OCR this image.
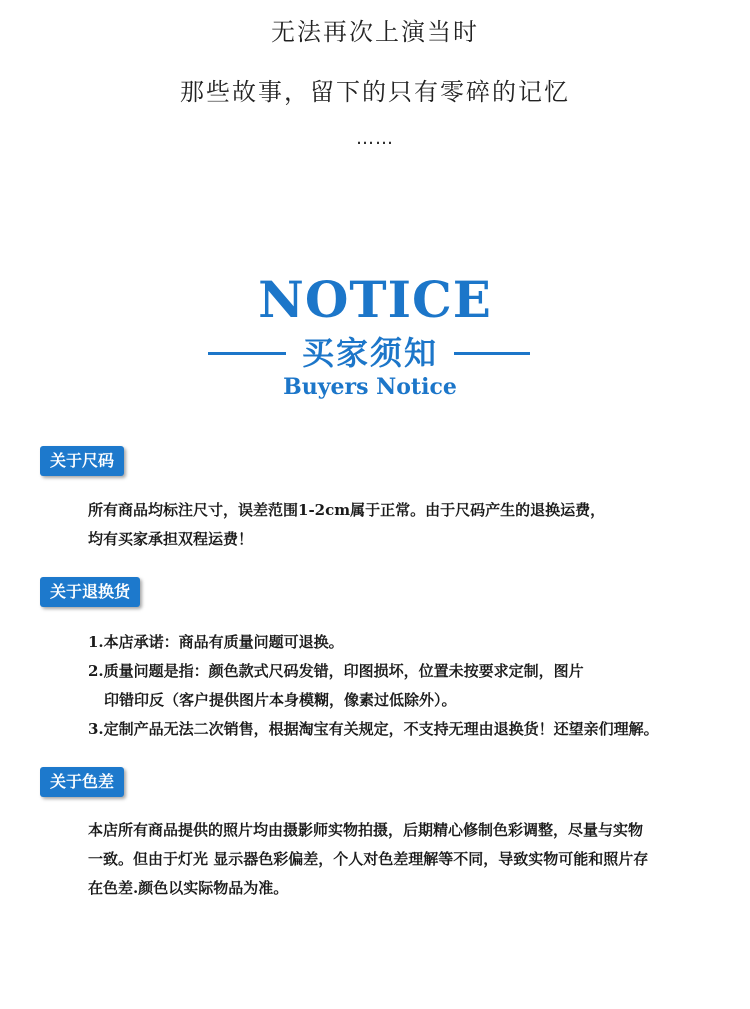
无法再次上演当时
那些故事，留下的只有零碎的记忆
……
NOTICE
买家须知
Buyers Notice
关于尺码
所有商品均标注尺寸，误差范围1-2cm属于正常。由于尺码产生的退换运费，
均有买家承担双程运费！
关于退换货
1.本店承诺：商品有质量问题可退换。
2.质量问题是指：颜色款式尺码发错，印图损坏，位置未按要求定制，图片
印错印反（客户提供图片本身模糊，像素过低除外）。
3.定制产品无法二次销售，根据淘宝有关规定，不支持无理由退换货！还望亲们理解。
关于色差
本店所有商品提供的照片均由摄影师实物拍摄，后期精心修制色彩调整，尽量与实物
一致。但由于灯光 显示器色彩偏差，个人对色差理解等不同，导致实物可能和照片存
在色差.颜色以实际物品为准。
